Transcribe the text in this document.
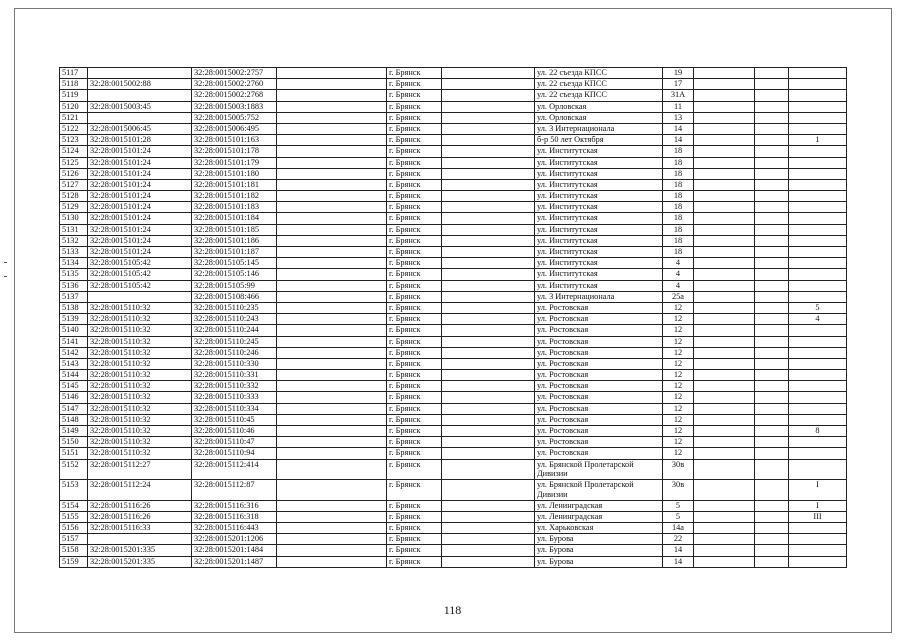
5117		32:28:0015002:2757		г. Брянск		ул. 22 съезда КПСС	19			
5118	32:28:0015002:88	32:28:0015002:2760		г. Брянск		ул. 22 съезда КПСС	17			
5119		32:28:0015002:2768		г. Брянск		ул. 22 съезда КПСС	31А			
5120	32:28:0015003:45	32:28:0015003:1883		г. Брянск		ул. Орловская	11			
5121		32:28:0015005:752		г. Брянск		ул. Орловская	13			
5122	32:28:0015006:45	32:28:0015006:495		г. Брянск		ул. 3 Интернационала	14			
5123	32:28:0015101:28	32:28:0015101:163		г. Брянск		б-р 50 лет Октября	14			1
5124	32:28:0015101:24	32:28:0015101:178		г. Брянск		ул. Институтская	18			
5125	32:28:0015101:24	32:28:0015101:179		г. Брянск		ул. Институтская	18			
5126	32:28:0015101:24	32:28:0015101:180		г. Брянск		ул. Институтская	18			
5127	32:28:0015101:24	32:28:0015101:181		г. Брянск		ул. Институтская	18			
5128	32:28:0015101:24	32:28:0015101:182		г. Брянск		ул. Институтская	18			
5129	32:28:0015101:24	32:28:0015101:183		г. Брянск		ул. Институтская	18			
5130	32:28:0015101:24	32:28:0015101:184		г. Брянск		ул. Институтская	18			
5131	32:28:0015101:24	32:28:0015101:185		г. Брянск		ул. Институтская	18			
5132	32:28:0015101:24	32:28:0015101:186		г. Брянск		ул. Институтская	18			
5133	32:28:0015101:24	32:28:0015101:187		г. Брянск		ул. Институтская	18			
5134	32:28:0015105:42	32:28:0015105:145		г. Брянск		ул. Институтская	4			
5135	32:28:0015105:42	32:28:0015105:146		г. Брянск		ул. Институтская	4			
5136	32:28:0015105:42	32:28:0015105:99		г. Брянск		ул. Институтская	4			
5137		32:28:0015108:466		г. Брянск		ул. 3 Интернационала	25а			
5138	32:28:0015110:32	32:28:0015110:235		г. Брянск		ул. Ростовская	12			5
5139	32:28:0015110:32	32:28:0015110:243		г. Брянск		ул. Ростовская	12			4
5140	32:28:0015110:32	32:28:0015110:244		г. Брянск		ул. Ростовская	12			
5141	32:28:0015110:32	32:28:0015110:245		г. Брянск		ул. Ростовская	12			
5142	32:28:0015110:32	32:28:0015110:246		г. Брянск		ул. Ростовская	12			
5143	32:28:0015110:32	32:28:0015110:330		г. Брянск		ул. Ростовская	12			
5144	32:28:0015110:32	32:28:0015110:331		г. Брянск		ул. Ростовская	12			
5145	32:28:0015110:32	32:28:0015110:332		г. Брянск		ул. Ростовская	12			
5146	32:28:0015110:32	32:28:0015110:333		г. Брянск		ул. Ростовская	12			
5147	32:28:0015110:32	32:28:0015110:334		г. Брянск		ул. Ростовская	12			
5148	32:28:0015110:32	32:28:0015110:45		г. Брянск		ул. Ростовская	12			
5149	32:28:0015110:32	32:28:0015110:46		г. Брянск		ул. Ростовская	12			8
5150	32:28:0015110:32	32:28:0015110:47		г. Брянск		ул. Ростовская	12			
5151	32:28:0015110:32	32:28:0015110:94		г. Брянск		ул. Ростовская	12			
5152	32:28:0015112:27	32:28:0015112:414		г. Брянск		ул. Брянской Пролетарской Дивизии	30в			
5153	32:28:0015112:24	32:28:0015112:87		г. Брянск		ул. Брянской Пролетарской Дивизии	30в			I
5154	32:28:0015116:26	32:28:0015116:316		г. Брянск		ул. Ленинградская	5			I
5155	32:28:0015116:26	32:28:0015116:318		г. Брянск		ул. Ленинградская	5			III
5156	32:28:0015116:33	32:28:0015116:443		г. Брянск		ул. Харьковская	14а			
5157		32:28:0015201:1206		г. Брянск		ул. Бурова	22			
5158	32:28:0015201:335	32:28:0015201:1484		г. Брянск		ул. Бурова	14			
5159	32:28:0015201:335	32:28:0015201:1487		г. Брянск		ул. Бурова	14			
118
